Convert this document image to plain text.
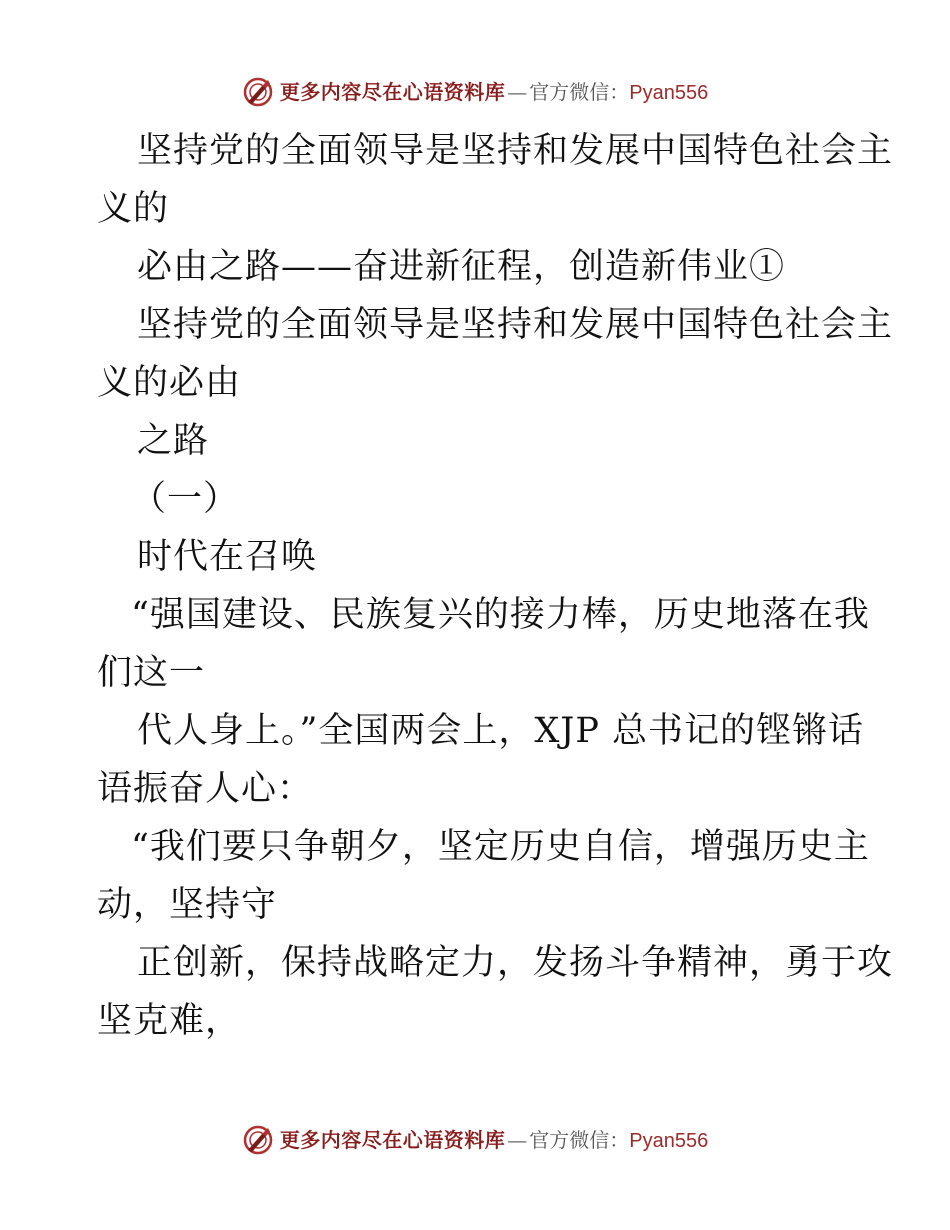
更多内容尽在心语资料库 — 官方微信： Pyan556
坚持党的全面领导是坚持和发展中国特色社会主
义的
必由之路——奋进新征程，创造新伟业①
坚持党的全面领导是坚持和发展中国特色社会主
义的必由
之路
（一）
时代在召唤
“强国建设、民族复兴的接力棒，历史地落在我
们这一
代人身上。”全国两会上，XJP 总书记的铿锵话
语振奋人心：
“我们要只争朝夕，坚定历史自信，增强历史主
动，坚持守
正创新，保持战略定力，发扬斗争精神，勇于攻
坚克难，
更多内容尽在心语资料库 — 官方微信： Pyan556
